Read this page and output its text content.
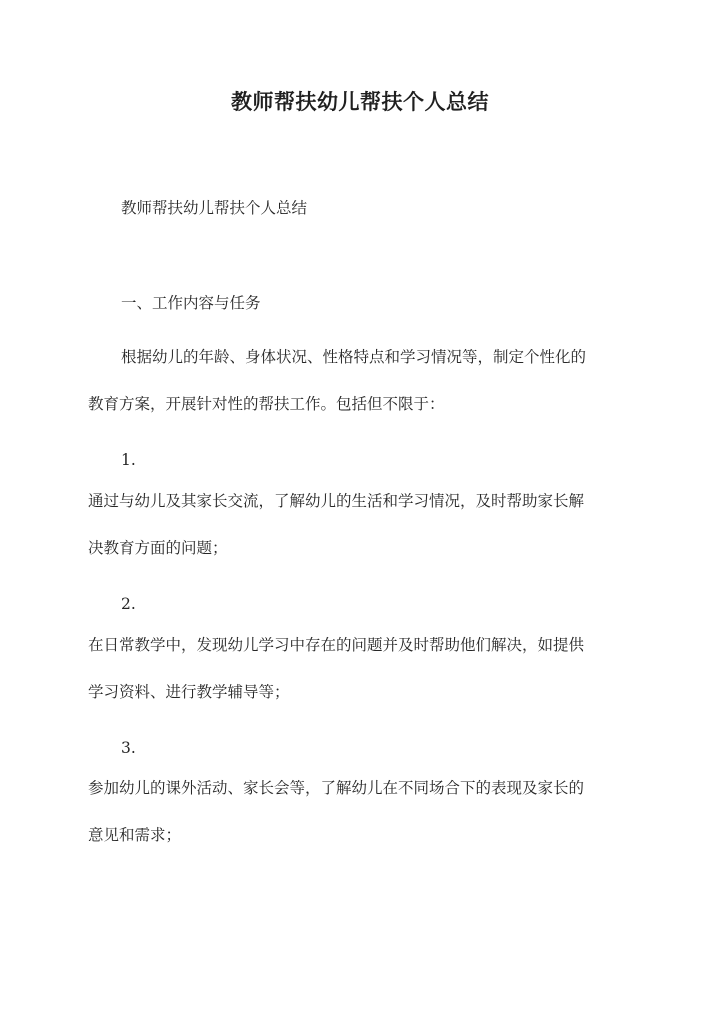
教师帮扶幼儿帮扶个人总结
教师帮扶幼儿帮扶个人总结
一、工作内容与任务
根据幼儿的年龄、身体状况、性格特点和学习情况等，制定个性化的
教育方案，开展针对性的帮扶工作。包括但不限于：
1.
通过与幼儿及其家长交流，了解幼儿的生活和学习情况，及时帮助家长解
决教育方面的问题；
2.
在日常教学中，发现幼儿学习中存在的问题并及时帮助他们解决，如提供
学习资料、进行教学辅导等；
3.
参加幼儿的课外活动、家长会等，了解幼儿在不同场合下的表现及家长的
意见和需求；
